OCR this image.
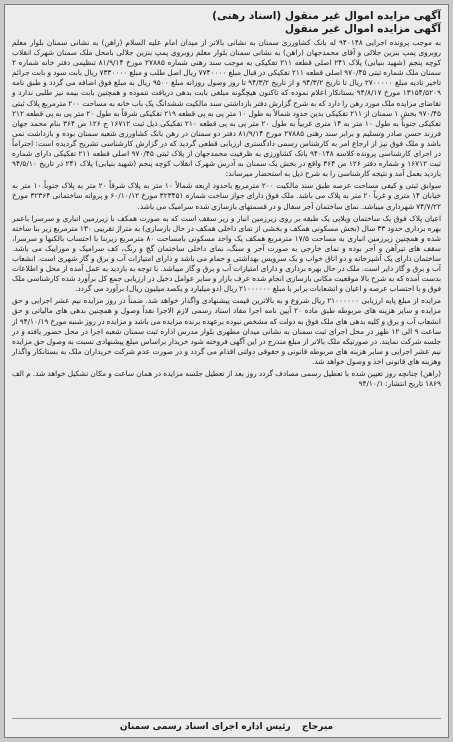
آگهی مزایده اموال غیر منقول (اسناد رهنی)
آگهی مزایده اموال غیر منقول
به موجب پرونده اجرایی ۹۴۰۱۴۸ له بانک کشاورزی سمنان به نشانی بالاتر از میدان امام علیه السلام (راهن) به نشانی سمنان بلوار معلم روبروی پمپ بنزین جلالی و آقای محمدجهان (راهن) به نشانی سمنان بلوار معلم روبروی پمپ بنزین جلالی بامحل ملک سمنان شهرک انقلاب کوچه پنجم (شهید بنیابی) پلاک ۲۴۱ اصلی قطعه ۲۱۱ تفکیکی به موجب سند رهنی شماره ۲۷۸۸۵ مورخ ۸۱/۹/۱۴ تنظیمی دفتر خانه شماره ۲ سمنان ملک شماره ثبتی ۹۷۰/۴۵ اصلی قطعه ۲۱۱ تفکیکی در قبال مبلغ ۷۷۴۰۰۰۰ ریال اصل طلب و مبلغ ۷۳۳۰۰۰۰ ریال بابت سود و بابت جرائم تاخیر تادیه مبلغ ۲۷۰۰۰۰۰ ریال تا تاریخ ۹۴/۳/۲ و از تاریخ ۹۴/۳/۲ تا روز وصول روزانه مبلغ ۹۵۰۰ ریال به مبلغ فوق اضافه می گردد و طبق نامه ۱۳۱۵۴/۵۲۰۹ مورخ ۹۴/۸/۱۷ بستانکار اعلام نموده که تاکنون هیچگونه مبلغی بابت بدهی دریافت ننموده و همچنین بابت بیمه نیز طلبی ندارد و تقاضای مزایده ملک مورد رهن را دارد که به شرح گزارش دفتر بازداشتی سند مالکیت ششدانگ یک باب خانه به مساحت ۲۰۰ مترمربع پلاک ثبتی ۹۷۰/۴۵ بخش ۱ سمنان از ۲۱۱ تفکیکی بدین حدود شمالاً به طول ۱۰ متر پی به پی قطعه ۲۱۹ تفکیکی شرقاً به طول ۲۰ متر پی به پی قطعه ۲۱۲ تفکیکی جنوباً به طول ۱۰ متر به ۱۴ متری غربیاً به طول ۲۰ متر پی به پی قطعه ۲۱۰ تفکیکی ذیل ثبت ۱۶۷۱۲ ج ۱۲۶ ص ۳۶۴ بنام محمد جهان فرزند حسن صادر وتسلیم و برابر سند رهنی ۲۷۸۸۵ مورخ ۸۱/۹/۱۴ دفتر دو سمنان در رهن بانک کشاورزی شعبه سمنان بوده و بازداشت نمی باشد و ملک فوق نیز از ارجاع امر به کارشناس رسمی دادگستری ارزیابی قطعی گردید که در گزارش کارشناسی تشریح گردیده است: احتراماً در اجرای کارشناسی پرونده کلاسه ۹۴۰۱۴۸ بانک کشاورزی به ظرفیت محمدجهان از پلاک ثبتی ۹۷۰/۴۵ اصلی قطعه ۲۱۱ تفکیکی دارای شماره ثبت ۱۶۷۱۲ و شماره دفتر ۱۲۶ ص ۳۶۴ واقع در بخش یک سمنان به آدرس شهرک انقلاب کوچه پنجم (شهید بنیابی) پلاک ۲۴۱ در تاریخ ۹۴/۵/۱۰ بازدید بعمل آمد و نتیجه کارشناسی را به شرح ذیل به استحضار میرساند:
سوابق ثبتی و کیفی مساحت عرصه طبق سند مالکیت ۲۰۰ مترمربع باحدود اربعه شمالاً ۱۰ متر به پلاک شرقاً ۲۰ متر به پلاک جنوباً ۱۰ متر به خیابان ۱۴ متری و غرباً ۲۰ متر به پلاک می باشد. ملک فوق دارای جواز ساخت شماره ۳۲۳۴۵۱ مورخ ۶۰/۱۰/۱۲ و پروانه ساختمانی ۳۲۳۶۴ مورخ ۷۴/۷/۲۲ شهرداری میباشد. نمای ساختمان آجر سفال و در قسمتهای بازسازی شده سرامیک می باشد.
اعیان پلاک فوق یک ساختمان ویلایی یک طبقه بر روی زیرزمین انبار و زیر سقف است که به صورت همکف با زیرزمین انباری و سرسرا باعمر بهره برداری حدود ۳۳ سال (بخش مسکونی همکف و بخشی از نمای داخلی همکف در حال بازسازی) به متراژ تقریبی ۱۳۰ مترمربع زیر بنا ساخته شده و همچنین زیرزمین انباری به مساحت ۱۷/۵ مترمربع همکف یک واحد مسکونی بامساحت ۸۰ مترمربع زیربنا با احتساب بالکنها و سرسرا، سقف های تیرآهن و آجر بوده و نمای خارجی به صورت آجر و سنگ، نمای داخلی ساختمان گچ و رنگ، کف سرامیک و موزاییک می باشد. ساختمان دارای یک آشپزخانه و دو اتاق خواب و یک سرویس بهداشتی و حمام می باشد و دارای امتیازات آب و برق و گاز شهری است. انشعاب آب و برق و گاز دایر است. ملک در حال بهره برداری و دارای امتیازات آب و برق و گاز میباشد. با توجه به بازدید به عمل آمده از محل و اطلاعات بدست آمده که به شرح بالا موقعیت مکانی بازسازی انجام شده عرف بازار و سایر عوامل دخیل در ارزیابی جمع کل برآورد شده کارشناسی ملک فوق و با احتساب عرصه و اعیان و انشعابات برابر با مبلغ ۲۱۰۰۰۰۰۰ ریال (دو میلیارد و یکصد میلیون ریال) برآورد می گردد.
مزایده از مبلغ پایه ارزیابی ۲۱۰۰۰۰۰۰ ریال شروع و به بالاترین قیمت پیشنهادی واگذار خواهد شد. ضمناً در روز مزایده نیم عشر اجرایی و حق مزایده و سایر هزینه های مربوطه طبق ماده ۲۰ آیین نامه اجرا مفاد اسناد رسمی لازم الاجرا نقداً وصول و همچنین بدهی های مالیاتی و حق انشعاب آب و برق و کلیه بدهی های ملک فوق به دولت که مشخص نبوده برعهده برنده مزایده می باشد و مزایده در روز شنبه مورخ ۹۴/۱۰/۱۹ از ساعت ۹ الی ۱۲ ظهر در محل اجرای ثبت سمنان به نشانی میدان مطهری بلوار مدرس اداره ثبت سمنان شعبه اجرا در محل حضور یافته و در جلسه شرکت نمایند. در صورتیکه ملک بالاتر از مبلغ مندرج در این آگهی فروخته شود خریدار براساس مبلغ پیشنهادی نسبت به وصول حق مزایده نیم عشر اجرایی و سایر هزینه های مربوطه قانونی و حقوقی دولتی اقدام می گردد و در صورت عدم شرکت خریداران ملک به بستانکار واگذار وهزینه های قانونی اخذ و وصول خواهد شد.
(راهن) چنانچه روز تعیین شده با تعطیل رسمی مصادف گردد روز بعد از تعطیل جلسه مزایده در همان ساعت و مکان تشکیل خواهد شد. م الف ۱۸۶۹ تاریخ انتشار: ۹۴/۱۰/۱
میرحاج رئیس اداره اجرای اسناد رسمی سمنان
